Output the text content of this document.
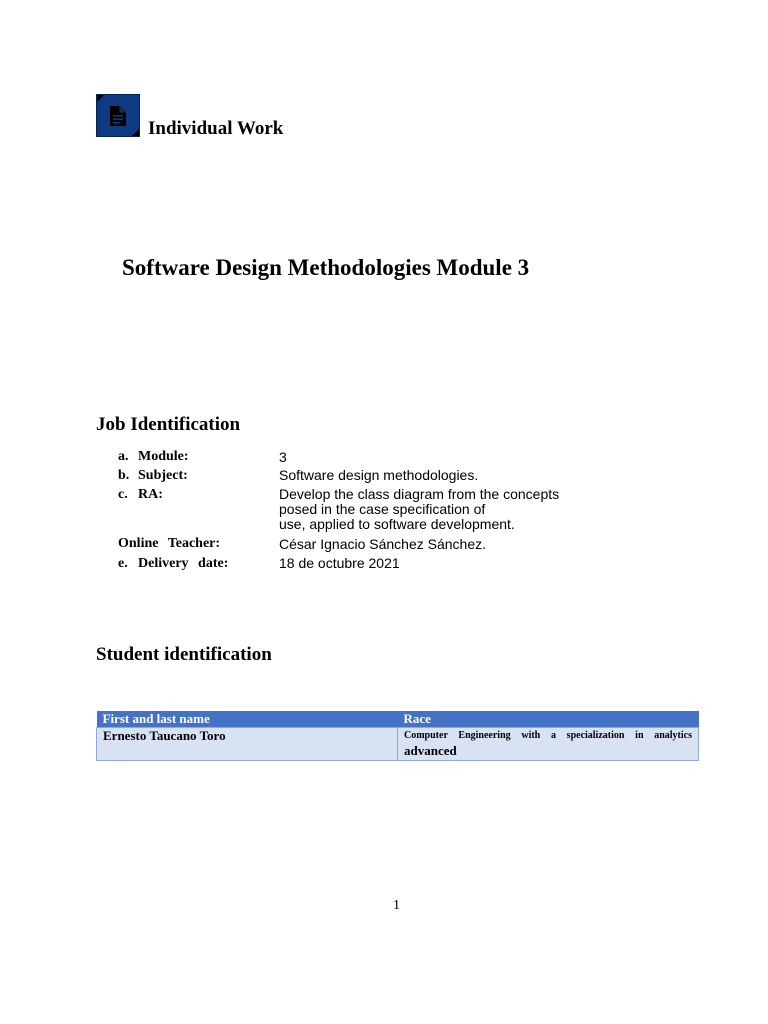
Individual Work
Software Design Methodologies Module 3
Job Identification
a. Module:	3
b. Subject:	Software design methodologies.
c. RA:	Develop the class diagram from the concepts
posed in the case specification of
use, applied to software development.
Online Teacher:	César Ignacio Sánchez Sánchez.
e. Delivery date:	18 de octubre 2021
Student identification
First and last name	Race
Ernesto Taucano Toro	Computer Engineering with a specialization in analytics
advanced
1
